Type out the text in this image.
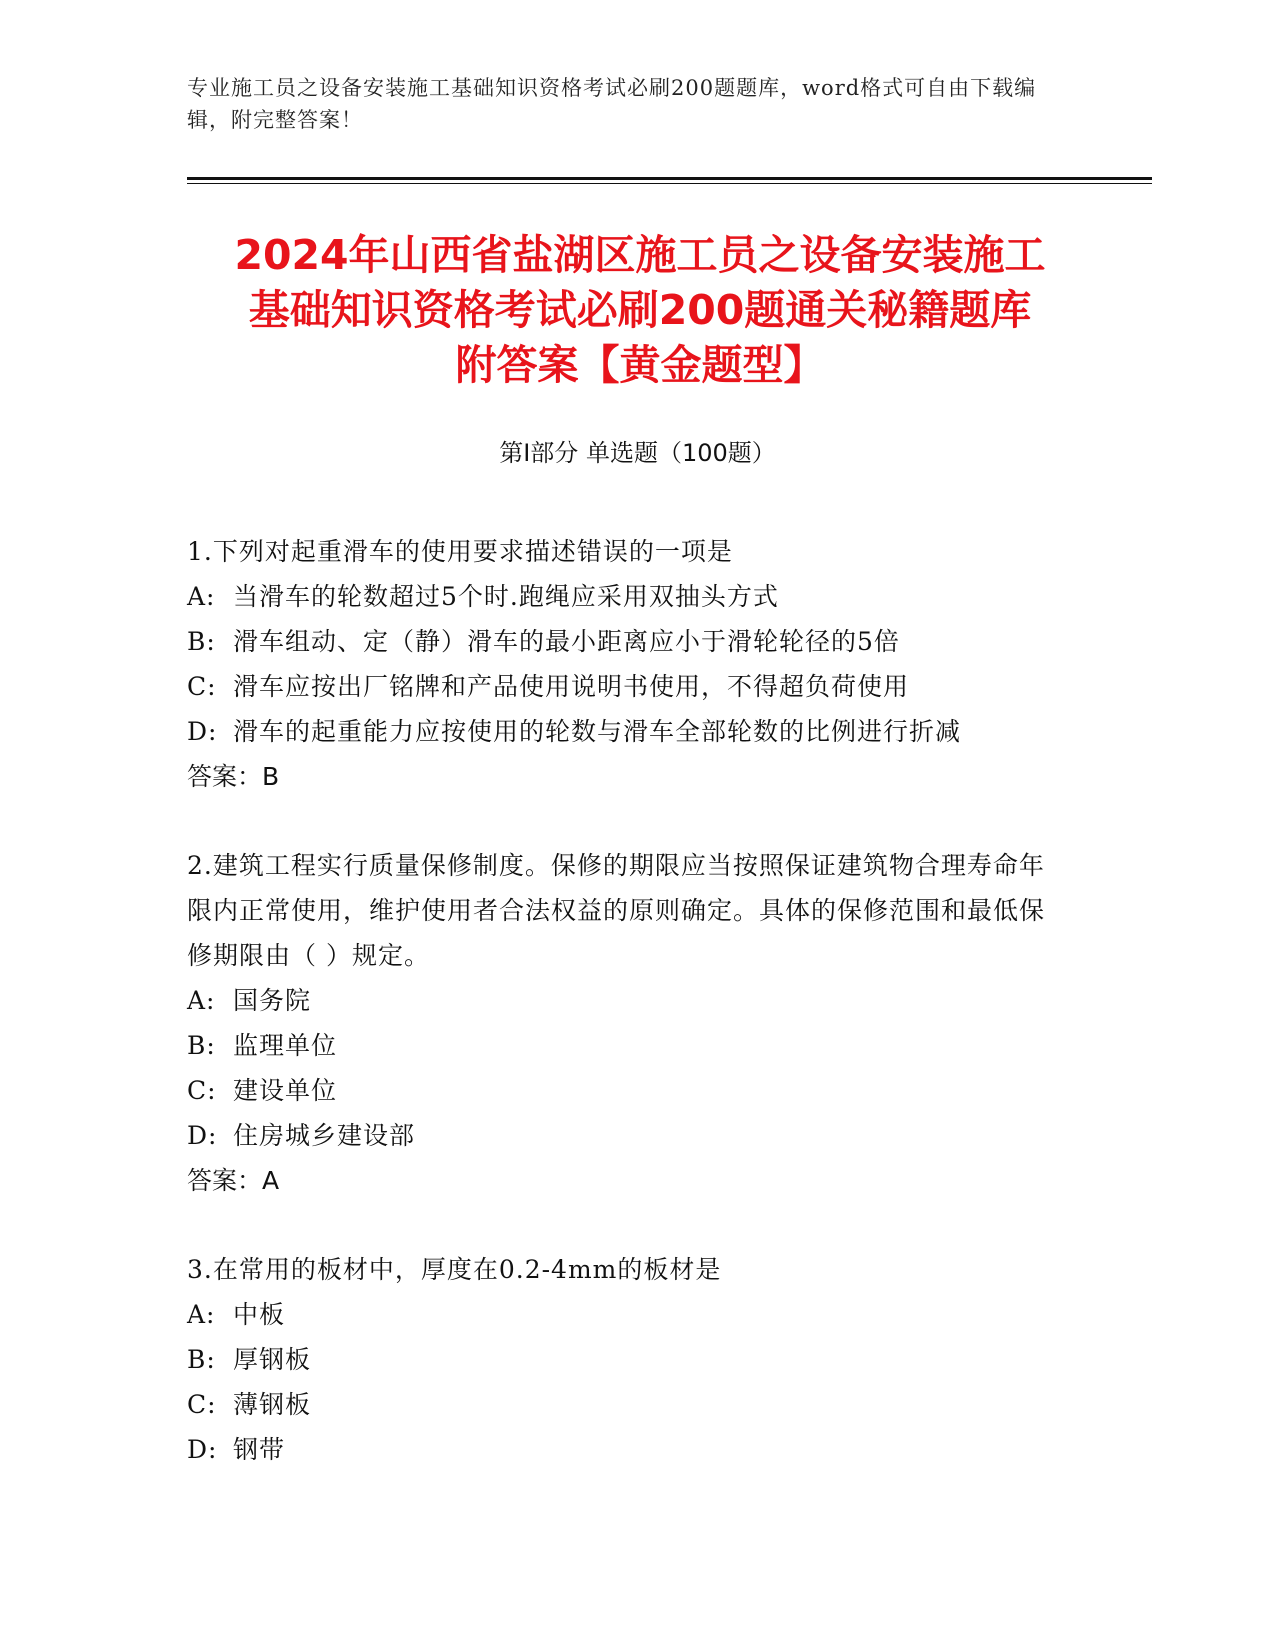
专业施工员之设备安装施工基础知识资格考试必刷200题题库，word格式可自由下载编辑，附完整答案！
2024年山西省盐湖区施工员之设备安装施工
基础知识资格考试必刷200题通关秘籍题库
附答案【黄金题型】
第Ⅰ部分 单选题（100题）
1.下列对起重滑车的使用要求描述错误的一项是
A: 当滑车的轮数超过5个时.跑绳应采用双抽头方式
B: 滑车组动、定（静）滑车的最小距离应小于滑轮轮径的5倍
C: 滑车应按出厂铭牌和产品使用说明书使用，不得超负荷使用
D: 滑车的起重能力应按使用的轮数与滑车全部轮数的比例进行折减
答案：B
2.建筑工程实行质量保修制度。保修的期限应当按照保证建筑物合理寿命年限内正常使用，维护使用者合法权益的原则确定。具体的保修范围和最低保修期限由（ ）规定。
A: 国务院
B: 监理单位
C: 建设单位
D: 住房城乡建设部
答案：A
3.在常用的板材中，厚度在0.2-4mm的板材是
A: 中板
B: 厚钢板
C: 薄钢板
D: 钢带
